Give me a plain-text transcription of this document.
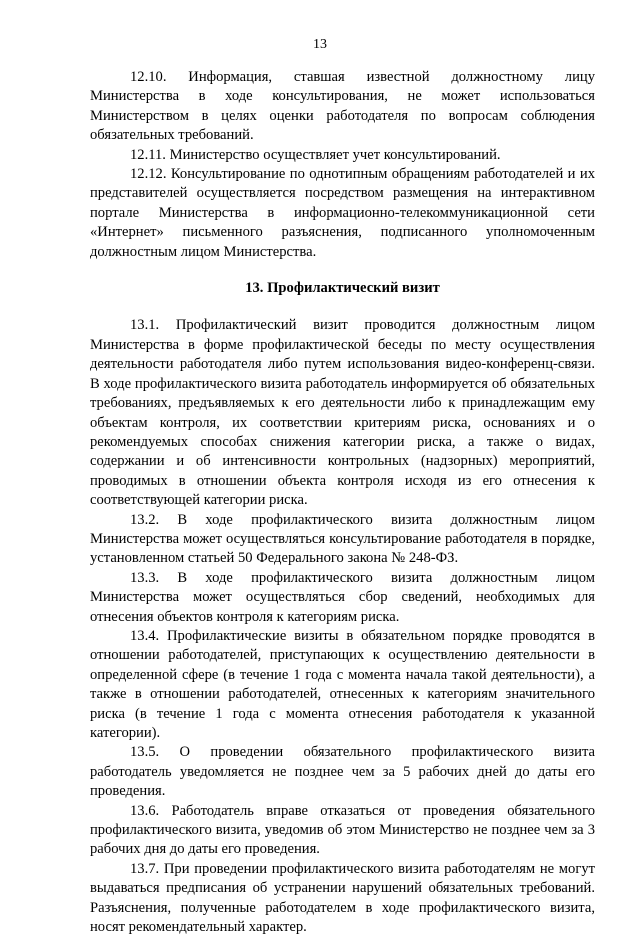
13

12.10. Информация, ставшая известной должностному лицу Министерства в ходе консультирования, не может использоваться Министерством в целях оценки работодателя по вопросам соблюдения обязательных требований.

12.11. Министерство осуществляет учет консультирований.

12.12. Консультирование по однотипным обращениям работодателей и их представителей осуществляется посредством размещения на интерактивном портале Министерства в информационно-телекоммуникационной сети «Интернет» письменного разъяснения, подписанного уполномоченным должностным лицом Министерства.

13. Профилактический визит

13.1. Профилактический визит проводится должностным лицом Министерства в форме профилактической беседы по месту осуществления деятельности работодателя либо путем использования видео-конференц-связи. В ходе профилактического визита работодатель информируется об обязательных требованиях, предъявляемых к его деятельности либо к принадлежащим ему объектам контроля, их соответствии критериям риска, основаниях и о рекомендуемых способах снижения категории риска, а также о видах, содержании и об интенсивности контрольных (надзорных) мероприятий, проводимых в отношении объекта контроля исходя из его отнесения к соответствующей категории риска.

13.2. В ходе профилактического визита должностным лицом Министерства может осуществляться консультирование работодателя в порядке, установленном статьей 50 Федерального закона № 248-ФЗ.

13.3. В ходе профилактического визита должностным лицом Министерства может осуществляться сбор сведений, необходимых для отнесения объектов контроля к категориям риска.

13.4. Профилактические визиты в обязательном порядке проводятся в отношении работодателей, приступающих к осуществлению деятельности в определенной сфере (в течение 1 года с момента начала такой деятельности), а также в отношении работодателей, отнесенных к категориям значительного риска (в течение 1 года с момента отнесения работодателя к указанной категории).

13.5. О проведении обязательного профилактического визита работодатель уведомляется не позднее чем за 5 рабочих дней до даты его проведения.

13.6. Работодатель вправе отказаться от проведения обязательного профилактического визита, уведомив об этом Министерство не позднее чем за 3 рабочих дня до даты его проведения.

13.7. При проведении профилактического визита работодателям не могут выдаваться предписания об устранении нарушений обязательных требований. Разъяснения, полученные работодателем в ходе профилактического визита, носят рекомендательный характер.
